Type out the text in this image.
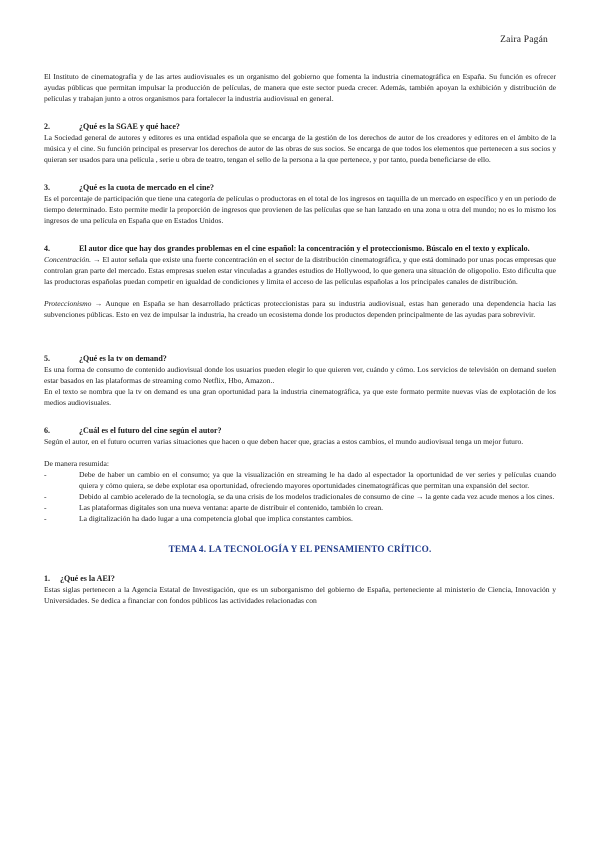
Zaira Pagán

El Instituto de cinematografía y de las artes audiovisuales es un organismo del gobierno que fomenta la industria cinematográfica en España. Su función es ofrecer ayudas públicas que permitan impulsar la producción de películas, de manera que este sector pueda crecer. Además, también apoyan la exhibición y distribución de películas y trabajan junto a otros organismos para fortalecer la industria audiovisual en general.

2.	¿Qué es la SGAE y qué hace?

La Sociedad general de autores y editores es una entidad española que se encarga de la gestión de los derechos de autor de los creadores y editores en el ámbito de la música y el cine. Su función principal es preservar los derechos de autor de las obras de sus socios. Se encarga de que todos los elementos que pertenecen a sus socios y quieran ser usados para una película , serie u obra de teatro, tengan el sello de la persona a la que pertenece, y por tanto, pueda beneficiarse de ello.

3.	¿Qué es la cuota de mercado en el cine?

Es el porcentaje de participación que tiene una categoría de películas o productoras en el total de los ingresos en taquilla de un mercado en específico y en un periodo de tiempo determinado. Esto permite medir la proporción de ingresos que provienen de las películas que se han lanzado en una zona u otra del mundo; no es lo mismo los ingresos de una película en España que en Estados Unidos.

4.	El autor dice que hay dos grandes problemas en el cine español: la concentración y el proteccionismo. Búscalo en el texto y explícalo.

Concentración. → El autor señala que existe una fuerte concentración en el sector de la distribución cinematográfica, y que está dominado por unas pocas empresas que controlan gran parte del mercado. Estas empresas suelen estar vinculadas a grandes estudios de Hollywood, lo que genera una situación de oligopolio. Esto dificulta que las productoras españolas puedan competir en igualdad de condiciones y limita el acceso de las películas españolas a los principales canales de distribución.

Proteccionismo → Aunque en España se han desarrollado prácticas proteccionistas para su industria audiovisual, estas han generado una dependencia hacia las subvenciones públicas. Esto en vez de impulsar la industria, ha creado un ecosistema donde los productos dependen principalmente de las ayudas para sobrevivir.

5.	¿Qué es la tv on demand?

Es una forma de consumo de contenido audiovisual donde los usuarios pueden elegir lo que quieren ver, cuándo y cómo. Los servicios de televisión on demand suelen estar basados en las plataformas de streaming como Netflix, Hbo, Amazon..

En el texto se nombra que la tv on demand es una gran oportunidad para la industria cinematográfica, ya que este formato permite nuevas vías de explotación de los medios audiovisuales.

6.	¿Cuál es el futuro del cine según el autor?

Según el autor, en el futuro ocurren varias situaciones que hacen o que deben hacer que, gracias a estos cambios, el mundo audiovisual tenga un mejor futuro.

De manera resumida:

-	Debe de haber un cambio en el consumo; ya que la visualización en streaming le ha dado al espectador la oportunidad de ver series y películas cuando quiera y cómo quiera, se debe explotar esa oportunidad, ofreciendo mayores oportunidades cinematográficas que permitan una expansión del sector.
-	Debido al cambio acelerado de la tecnología, se da una crisis de los modelos tradicionales de consumo de cine → la gente cada vez acude menos a los cines.
-	Las plataformas digitales son una nueva ventana: aparte de distribuir el contenido, también lo crean.
-	La digitalización ha dado lugar a una competencia global que implica constantes cambios.
TEMA 4. LA TECNOLOGÍA Y EL PENSAMIENTO CRÍTICO.
1.	¿Qué es la AEI?

Estas siglas pertenecen a la Agencia Estatal de Investigación, que es un suborganismo del gobierno de España, perteneciente al ministerio de Ciencia, Innovación y Universidades. Se dedica a financiar con fondos públicos las actividades relacionadas con
